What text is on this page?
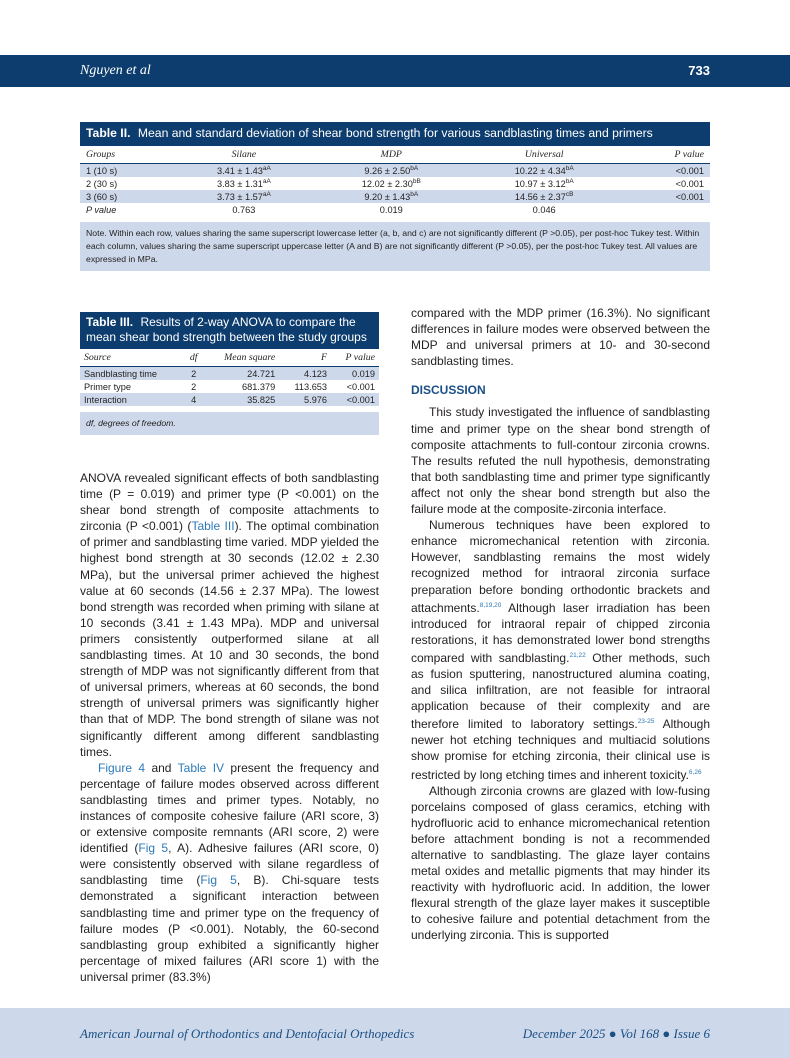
Nguyen et al	733
Table II. Mean and standard deviation of shear bond strength for various sandblasting times and primers
Groups	Silane	MDP	Universal	P value
1 (10 s)	$3.41 \pm 1.43^{aA}$	$9.26 \pm 2.50^{bA}$	$10.22 \pm 4.34^{bA}$	<0.001
2 (30 s)	$3.83 \pm 1.31^{aA}$	$12.02 \pm 2.30^{bB}$	$10.97 \pm 3.12^{bA}$	<0.001
3 (60 s)	$3.73 \pm 1.57^{aA}$	$9.20 \pm 1.43^{bA}$	$14.56 \pm 2.37^{cB}$	<0.001
P value	0.763	0.019	0.046	
Note. Within each row, values sharing the same superscript lowercase letter (a, b, and c) are not significantly different (P >0.05), per post-hoc Tukey test. Within each column, values sharing the same superscript uppercase letter (A and B) are not significantly different (P >0.05), per the post-hoc Tukey test. All values are expressed in MPa.
Table III. Results of 2-way ANOVA to compare the mean shear bond strength between the study groups
Source	df	Mean square	F	P value
Sandblasting time	2	24.721	4.123	0.019
Primer type	2	681.379	113.653	<0.001
Interaction	4	35.825	5.976	<0.001
df, degrees of freedom.

ANOVA revealed significant effects of both sandblasting time (P = 0.019) and primer type (P <0.001) on the shear bond strength of composite attachments to zirconia (P <0.001) (Table III). The optimal combination of primer and sandblasting time varied. MDP yielded the highest bond strength at 30 seconds (12.02 ± 2.30 MPa), but the universal primer achieved the highest value at 60 seconds (14.56 ± 2.37 MPa). The lowest bond strength was recorded when priming with silane at 10 seconds (3.41 ± 1.43 MPa). MDP and universal primers consistently outperformed silane at all sandblasting times. At 10 and 30 seconds, the bond strength of MDP was not significantly different from that of universal primers, whereas at 60 seconds, the bond strength of universal primers was significantly higher than that of MDP. The bond strength of silane was not significantly different among different sandblasting times.

Figure 4 and Table IV present the frequency and percentage of failure modes observed across different sandblasting times and primer types. Notably, no instances of composite cohesive failure (ARI score, 3) or extensive composite remnants (ARI score, 2) were identified (Fig 5, A). Adhesive failures (ARI score, 0) were consistently observed with silane regardless of sandblasting time (Fig 5, B). Chi-square tests demonstrated a significant interaction between sandblasting time and primer type on the frequency of failure modes (P <0.001). Notably, the 60-second sandblasting group exhibited a significantly higher percentage of mixed failures (ARI score 1) with the universal primer (83.3%)

compared with the MDP primer (16.3%). No significant differences in failure modes were observed between the MDP and universal primers at 10- and 30-second sandblasting times.

DISCUSSION

This study investigated the influence of sandblasting time and primer type on the shear bond strength of composite attachments to full-contour zirconia crowns. The results refuted the null hypothesis, demonstrating that both sandblasting time and primer type significantly affect not only the shear bond strength but also the failure mode at the composite-zirconia interface.

Numerous techniques have been explored to enhance micromechanical retention with zirconia. However, sandblasting remains the most widely recognized method for intraoral zirconia surface preparation before bonding orthodontic brackets and attachments.$^{8,19,20}$ Although laser irradiation has been introduced for intraoral repair of chipped zirconia restorations, it has demonstrated lower bond strengths compared with sandblasting.$^{21,22}$ Other methods, such as fusion sputtering, nanostructured alumina coating, and silica infiltration, are not feasible for intraoral application because of their complexity and are therefore limited to laboratory settings.$^{23-25}$ Although newer hot etching techniques and multiacid solutions show promise for etching zirconia, their clinical use is restricted by long etching times and inherent toxicity.$^{6,26}$

Although zirconia crowns are glazed with low-fusing porcelains composed of glass ceramics, etching with hydrofluoric acid to enhance micromechanical retention before attachment bonding is not a recommended alternative to sandblasting. The glaze layer contains metal oxides and metallic pigments that may hinder its reactivity with hydrofluoric acid. In addition, the lower flexural strength of the glaze layer makes it susceptible to cohesive failure and potential detachment from the underlying zirconia. This is supported

American Journal of Orthodontics and Dentofacial Orthopedics	December 2025 ● Vol 168 ● Issue 6
